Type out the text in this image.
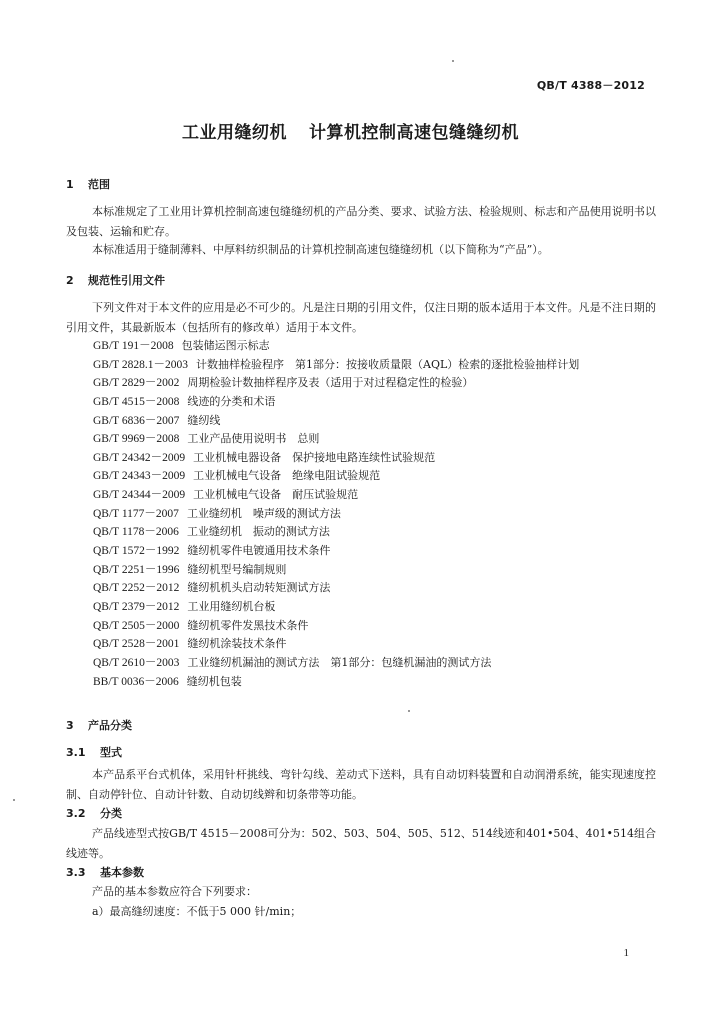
QB/T 4388－2012
工业用缝纫机 计算机控制高速包缝缝纫机
1 范围
本标准规定了工业用计算机控制高速包缝缝纫机的产品分类、要求、试验方法、检验规则、标志和产品使用说明书以及包装、运输和贮存。
本标准适用于缝制薄料、中厚料纺织制品的计算机控制高速包缝缝纫机（以下简称为“产品”）。
2 规范性引用文件
下列文件对于本文件的应用是必不可少的。凡是注日期的引用文件，仅注日期的版本适用于本文件。凡是不注日期的引用文件，其最新版本（包括所有的修改单）适用于本文件。
GB/T 191－2008 包装储运图示标志
GB/T 2828.1－2003 计数抽样检验程序　第1部分：按接收质量限（AQL）检索的逐批检验抽样计划
GB/T 2829－2002 周期检验计数抽样程序及表（适用于对过程稳定性的检验）
GB/T 4515－2008 线迹的分类和术语
GB/T 6836－2007 缝纫线
GB/T 9969－2008 工业产品使用说明书　总则
GB/T 24342－2009 工业机械电器设备　保护接地电路连续性试验规范
GB/T 24343－2009 工业机械电气设备　绝缘电阻试验规范
GB/T 24344－2009 工业机械电气设备　耐压试验规范
QB/T 1177－2007 工业缝纫机　噪声级的测试方法
QB/T 1178－2006 工业缝纫机　振动的测试方法
QB/T 1572－1992 缝纫机零件电镀通用技术条件
QB/T 2251－1996 缝纫机型号编制规则
QB/T 2252－2012 缝纫机机头启动转矩测试方法
QB/T 2379－2012 工业用缝纫机台板
QB/T 2505－2000 缝纫机零件发黑技术条件
QB/T 2528－2001 缝纫机涂装技术条件
QB/T 2610－2003 工业缝纫机漏油的测试方法　第1部分：包缝机漏油的测试方法
BB/T 0036－2006 缝纫机包装
3 产品分类
3.1 型式
本产品系平台式机体，采用针杆挑线、弯针勾线、差动式下送料，具有自动切料装置和自动润滑系统，能实现速度控制、自动停针位、自动计针数、自动切线辫和切条带等功能。
3.2 分类
产品线迹型式按GB/T 4515－2008可分为：502、503、504、505、512、514线迹和401•504、401•514组合线迹等。
3.3 基本参数
产品的基本参数应符合下列要求：
a）最高缝纫速度：不低于5 000 针/min；
1
